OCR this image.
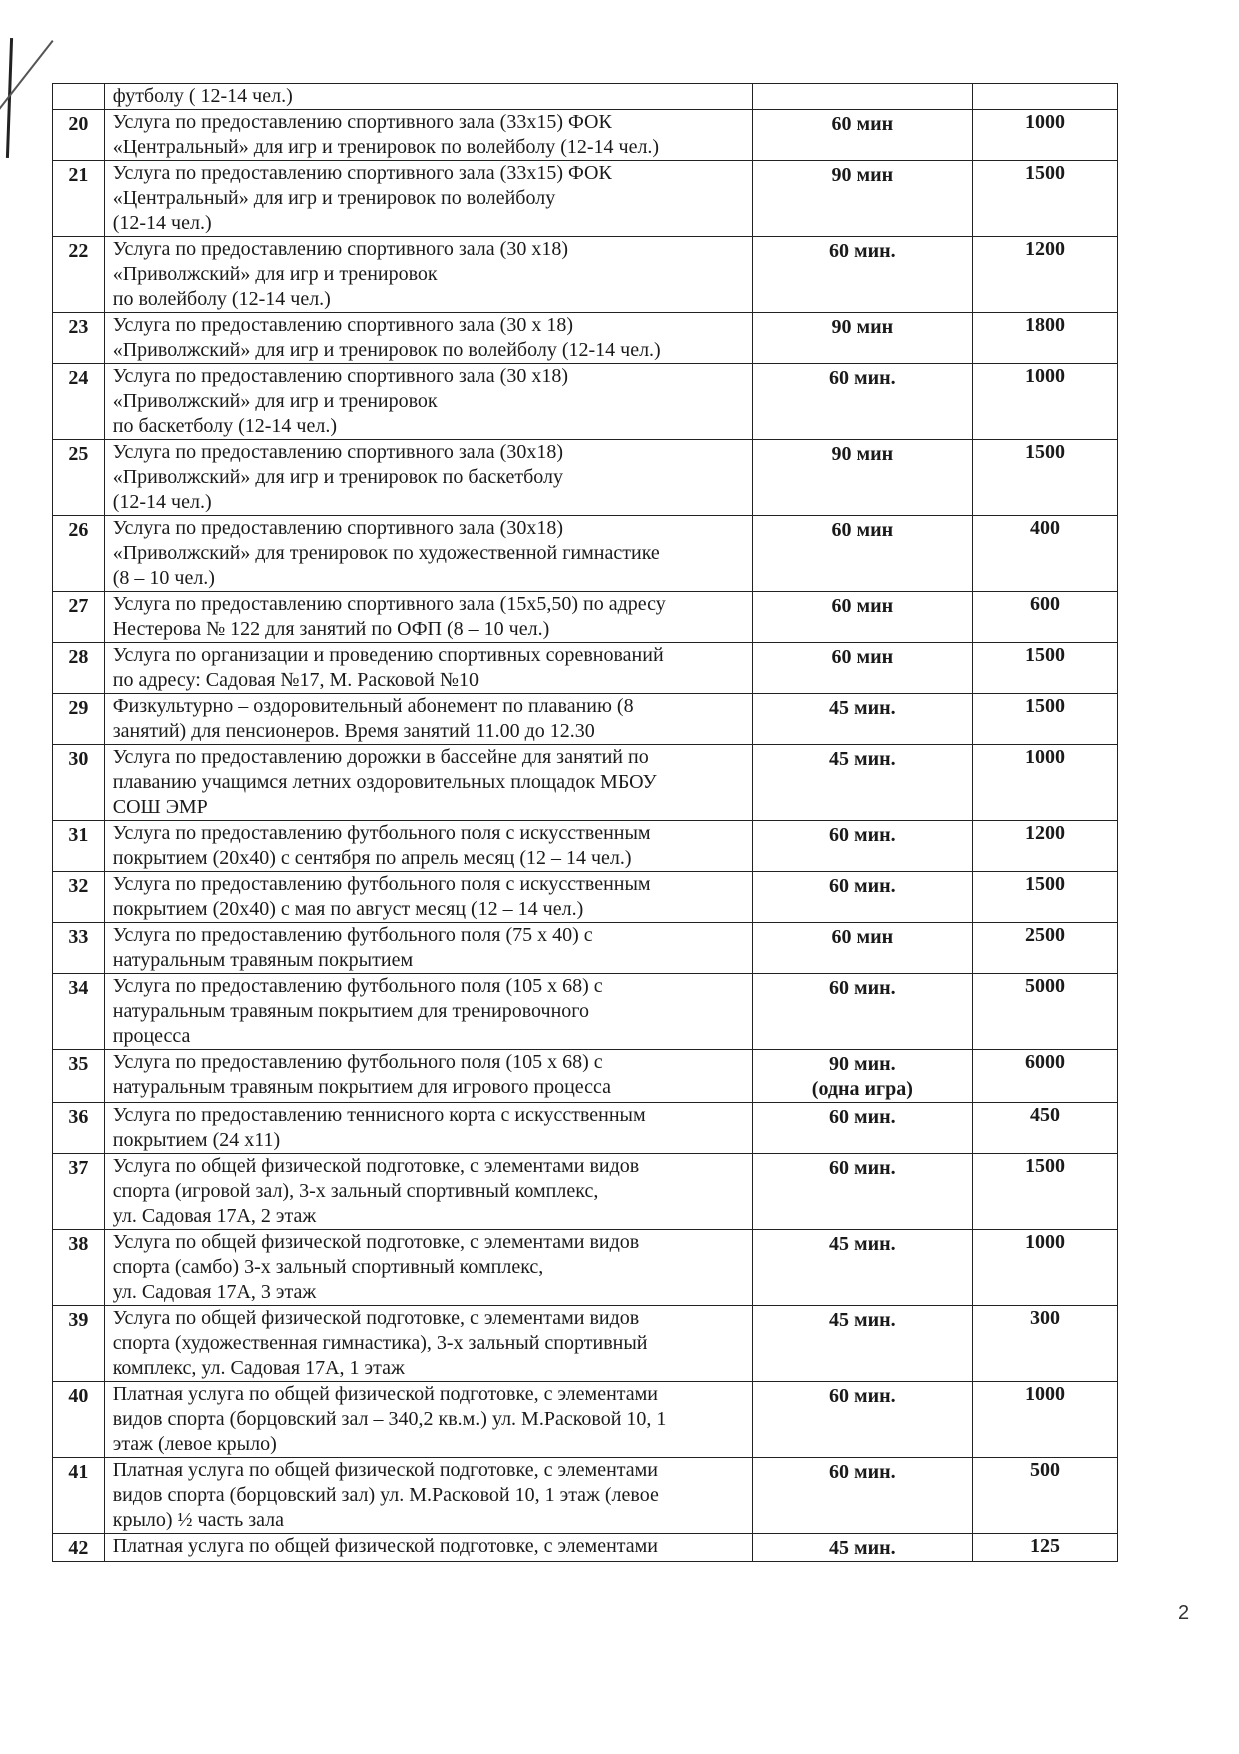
	футболу ( 12-14 чел.)		
20	Услуга по предоставлению спортивного зала (33х15) ФОК
«Центральный» для игр и тренировок по волейболу (12-14 чел.)	60 мин	1000
21	Услуга по предоставлению спортивного зала (33х15) ФОК
«Центральный» для игр и тренировок по волейболу
(12-14 чел.)	90 мин	1500
22	Услуга по предоставлению спортивного зала (30 х18)
«Приволжский» для игр и тренировок
по волейболу (12-14 чел.)	60 мин.	1200
23	Услуга по предоставлению спортивного зала (30 х 18)
«Приволжский» для игр и тренировок по волейболу (12-14 чел.)	90 мин	1800
24	Услуга по предоставлению спортивного зала (30 х18)
«Приволжский» для игр и тренировок
по баскетболу (12-14 чел.)	60 мин.	1000
25	Услуга по предоставлению спортивного зала (30х18)
«Приволжский» для игр и тренировок по баскетболу
(12-14 чел.)	90 мин	1500
26	Услуга по предоставлению спортивного зала (30х18)
«Приволжский» для тренировок по художественной гимнастике
(8 – 10 чел.)	60 мин	400
27	Услуга по предоставлению спортивного зала (15х5,50) по адресу
Нестерова № 122 для занятий по ОФП (8 – 10 чел.)	60 мин	600
28	Услуга по организации и проведению спортивных соревнований
по адресу: Садовая №17, М. Расковой №10	60 мин	1500
29	Физкультурно – оздоровительный абонемент по плаванию (8
занятий) для пенсионеров. Время занятий 11.00 до 12.30	45 мин.	1500
30	Услуга по предоставлению дорожки в бассейне для занятий по
плаванию учащимся летних оздоровительных площадок МБОУ
СОШ ЭМР	45 мин.	1000
31	Услуга по предоставлению футбольного поля с искусственным
покрытием (20х40) с сентября по апрель месяц (12 – 14 чел.)	60 мин.	1200
32	Услуга по предоставлению футбольного поля с искусственным
покрытием (20х40) с мая по август месяц (12 – 14 чел.)	60 мин.	1500
33	Услуга по предоставлению футбольного поля (75 х 40) с
натуральным травяным покрытием	60 мин	2500
34	Услуга по предоставлению футбольного поля (105 х 68) с
натуральным травяным покрытием для тренировочного
процесса	60 мин.	5000
35	Услуга по предоставлению футбольного поля (105 х 68) с
натуральным травяным покрытием для игрового процесса	90 мин.
(одна игра)	6000
36	Услуга по предоставлению теннисного корта с искусственным
покрытием (24 х11)	60 мин.	450
37	Услуга по общей физической подготовке, с элементами видов
спорта (игровой зал), 3-х зальный спортивный комплекс,
ул. Садовая 17А, 2 этаж	60 мин.	1500
38	Услуга по общей физической подготовке, с элементами видов
спорта (самбо) 3-х зальный спортивный комплекс,
ул. Садовая 17А, 3 этаж	45 мин.	1000
39	Услуга по общей физической подготовке, с элементами видов
спорта (художественная гимнастика), 3-х зальный спортивный
комплекс, ул. Садовая 17А, 1 этаж	45 мин.	300
40	Платная услуга по общей физической подготовке, с элементами
видов спорта (борцовский зал – 340,2 кв.м.) ул. М.Расковой 10, 1
этаж (левое крыло)	60 мин.	1000
41	Платная услуга по общей физической подготовке, с элементами
видов спорта (борцовский зал) ул. М.Расковой 10, 1 этаж (левое
крыло) ½ часть зала	60 мин.	500
42	Платная услуга по общей физической подготовке, с элементами	45 мин.	125
2
